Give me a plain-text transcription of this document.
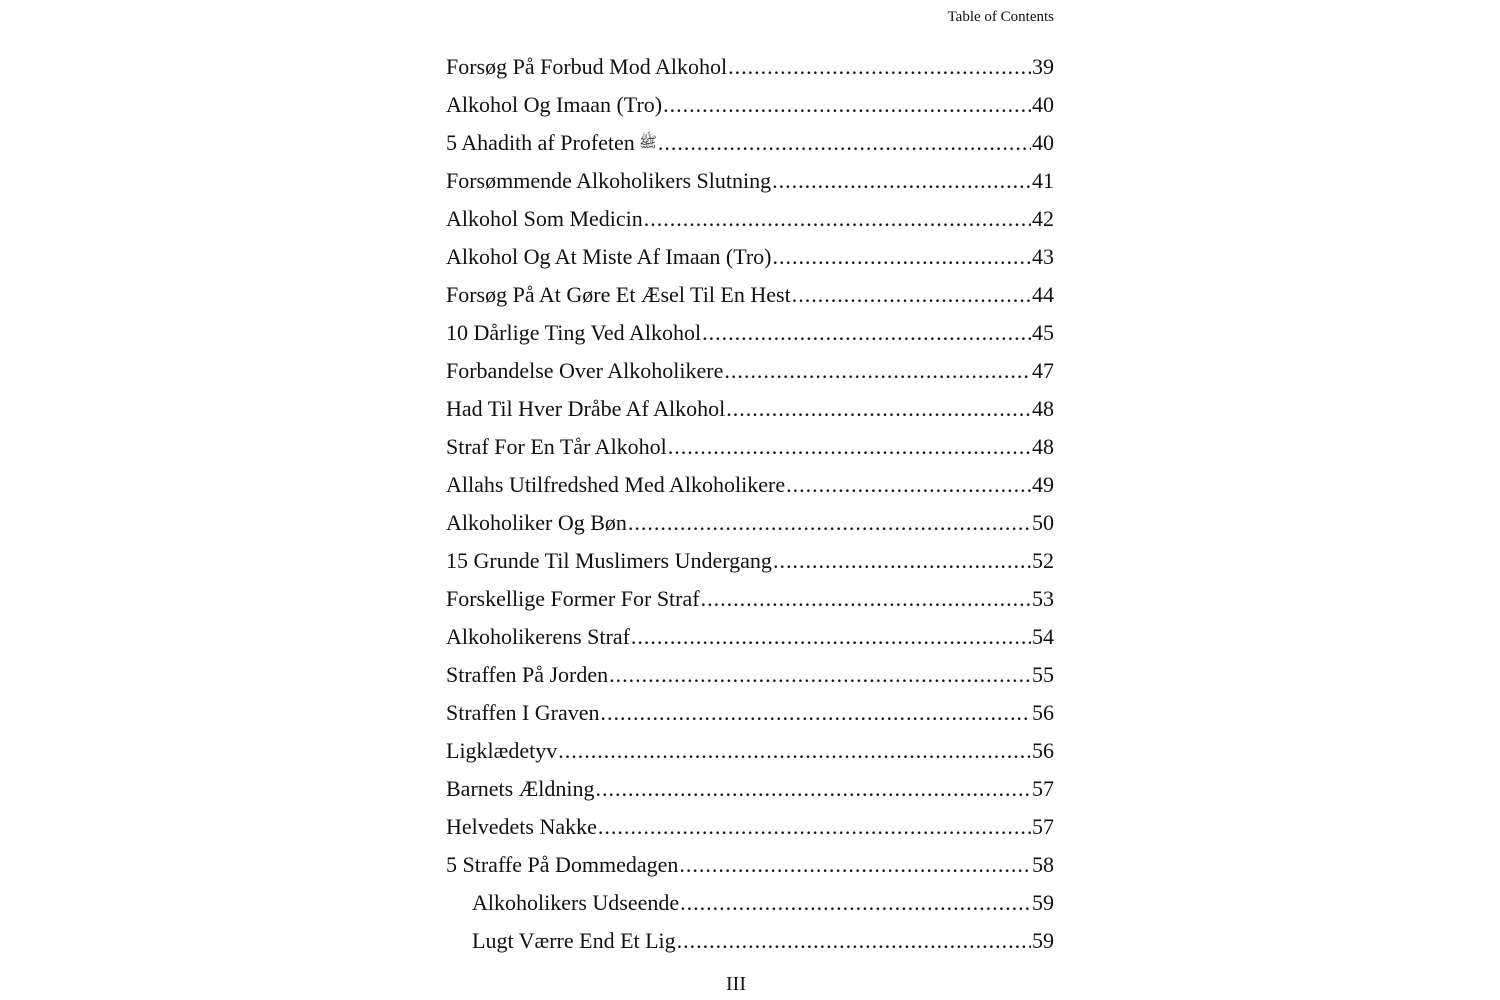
Table of Contents
Forsøg På Forbud Mod Alkohol .....	39
Alkohol Og Imaan (Tro) .....	40
5 Ahadith af Profeten ﷺ .....	40
Forsømmende Alkoholikers Slutning .....	41
Alkohol Som Medicin .....	42
Alkohol Og At Miste Af Imaan (Tro) .....	43
Forsøg På At Gøre Et Æsel Til En Hest .....	44
10 Dårlige Ting Ved Alkohol .....	45
Forbandelse Over Alkoholikere .....	47
Had Til Hver Dråbe Af Alkohol .....	48
Straf For En Tår Alkohol .....	48
Allahs Utilfredshed Med Alkoholikere .....	49
Alkoholiker Og Bøn .....	50
15 Grunde Til Muslimers Undergang .....	52
Forskellige Former For Straf .....	53
Alkoholikerens Straf .....	54
Straffen På Jorden .....	55
Straffen I Graven .....	56
Ligklædetyv .....	56
Barnets Ældning .....	57
Helvedets Nakke .....	57
5 Straffe På Dommedagen .....	58
Alkoholikers Udseende .....	59
Lugt Værre End Et Lig .....	59
III
